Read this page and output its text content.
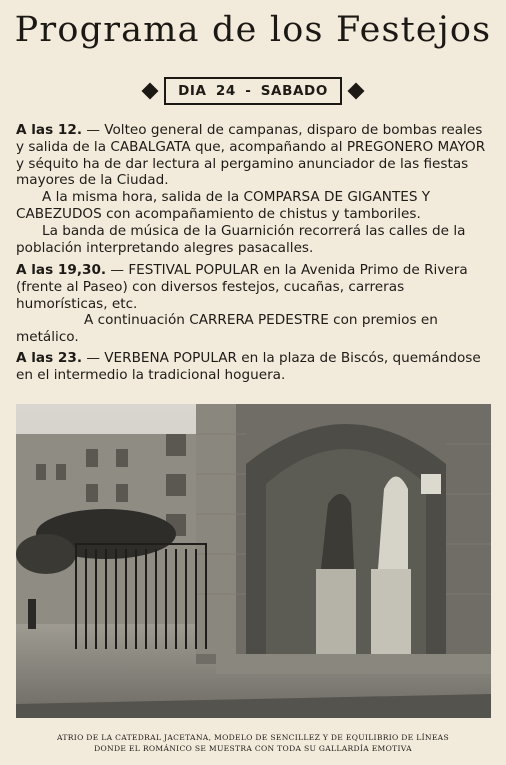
Programa de los Festejos
DIA 24 - SABADO

A las 12. — Volteo general de campanas, disparo de bombas reales y salida de la CABALGATA que, acompañando al PREGONERO MAYOR y séquito ha de dar lectura al pergamino anunciador de las fiestas mayores de la Ciudad.

A la misma hora, salida de la COMPARSA DE GIGANTES Y CABEZUDOS con acompañamiento de chistus y tamboriles.

La banda de música de la Guarnición recorrerá las calles de la población interpretando alegres pasacalles.

A las 19,30. — FESTIVAL POPULAR en la Avenida Primo de Rivera (frente al Paseo) con diversos festejos, cucañas, carreras humorísticas, etc.

A continuación CARRERA PEDESTRE con premios en metálico.

A las 23. — VERBENA POPULAR en la plaza de Biscós, quemándose en el intermedio la tradicional hoguera.

ATRIO DE LA CATEDRAL JACETANA, MODELO DE SENCILLEZ Y DE EQUILIBRIO DE LÍNEAS
DONDE EL ROMÁNICO SE MUESTRA CON TODA SU GALLARDÍA EMOTIVA
